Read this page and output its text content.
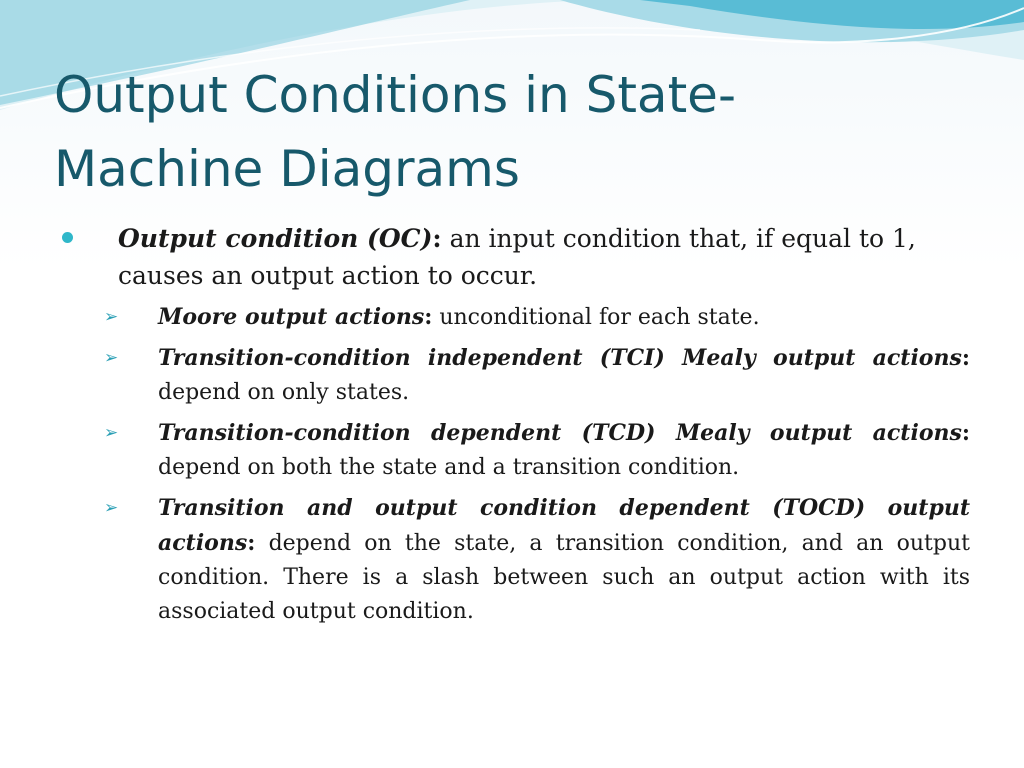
Output Conditions in State-
Machine Diagrams

Output condition (OC): an input condition that, if equal to 1, causes an output action to occur.

➢ Moore output actions: unconditional for each state.

➢ Transition-condition independent (TCI) Mealy output actions: depend on only states.

➢ Transition-condition dependent (TCD) Mealy output actions: depend on both the state and a transition condition.

➢ Transition and output condition dependent (TOCD) output actions: depend on the state, a transition condition, and an output condition. There is a slash between such an output action with its associated output condition.
